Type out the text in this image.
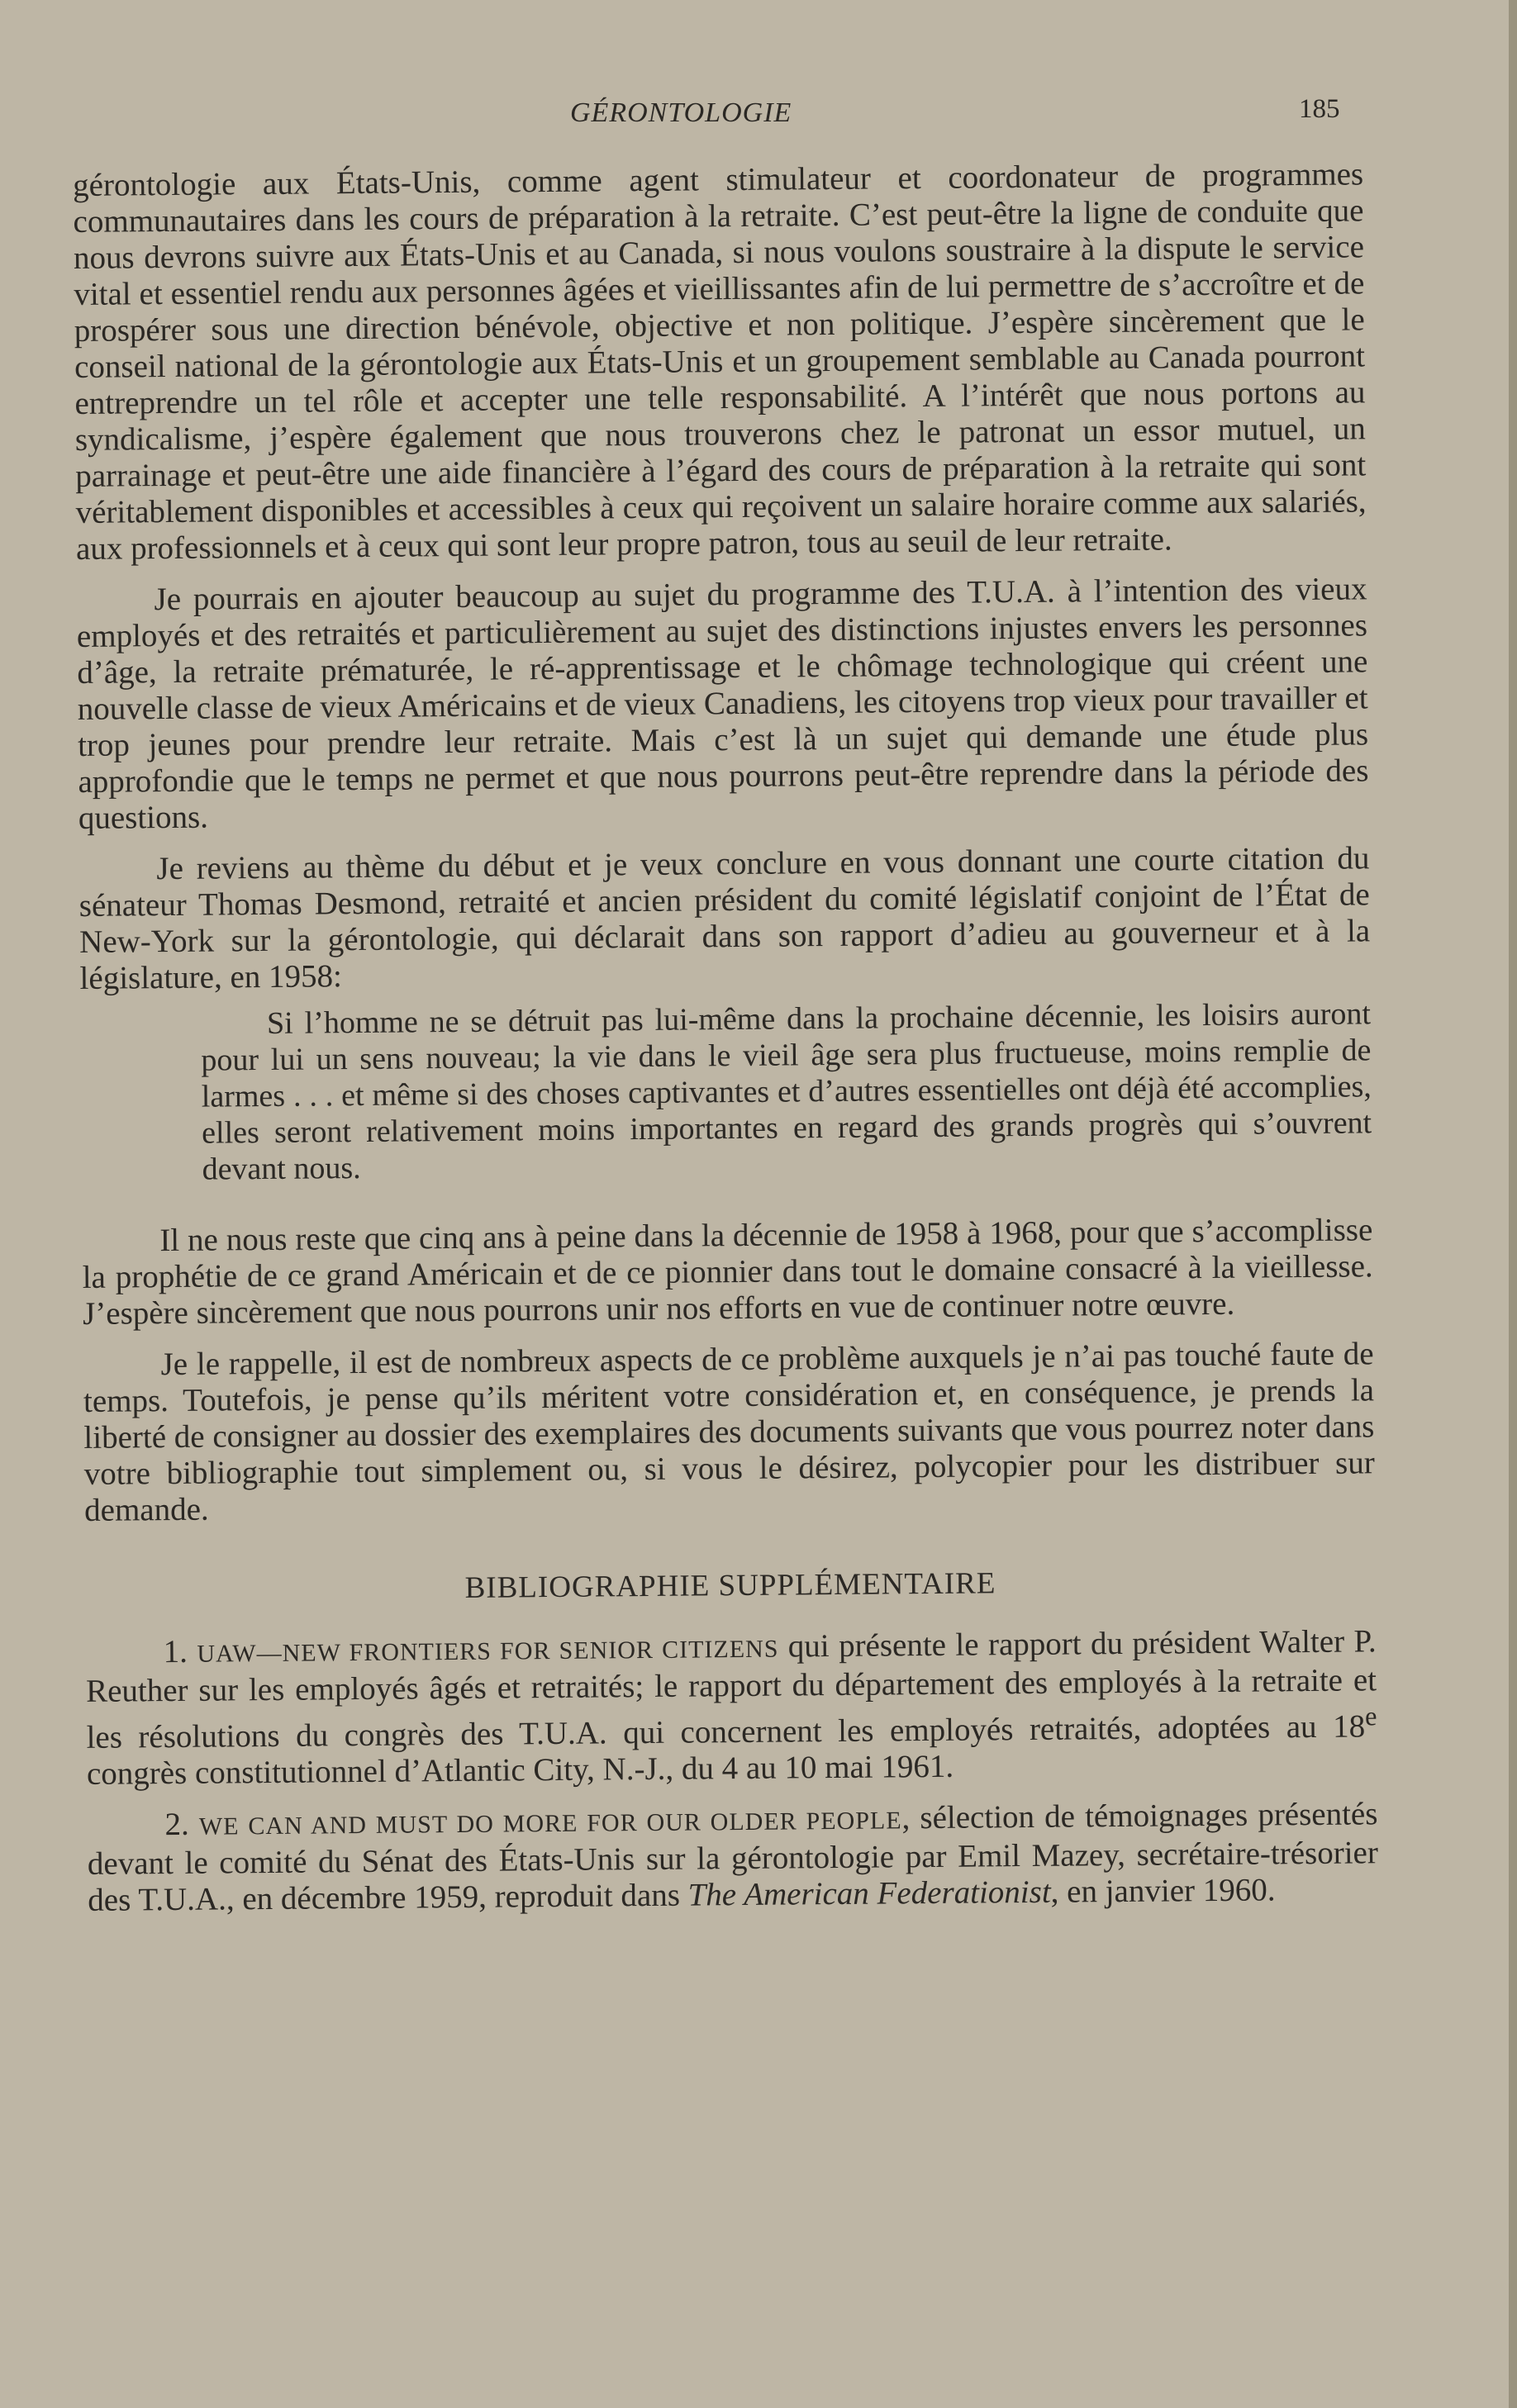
GÉRONTOLOGIE	185

gérontologie aux États-Unis, comme agent stimulateur et coordonateur de programmes communautaires dans les cours de préparation à la retraite. C’est peut-être la ligne de conduite que nous devrons suivre aux États-Unis et au Canada, si nous voulons soustraire à la dispute le service vital et essentiel rendu aux personnes âgées et vieillissantes afin de lui permettre de s’accroître et de prospérer sous une direction bénévole, objective et non politique. J’espère sincèrement que le conseil national de la gérontologie aux États-Unis et un groupement semblable au Canada pourront entreprendre un tel rôle et accepter une telle responsabilité. A l’intérêt que nous portons au syndicalisme, j’espère également que nous trouverons chez le patronat un essor mutuel, un parrainage et peut-être une aide financière à l’égard des cours de préparation à la retraite qui sont véritablement disponibles et accessibles à ceux qui reçoivent un salaire horaire comme aux salariés, aux professionnels et à ceux qui sont leur propre patron, tous au seuil de leur retraite.

Je pourrais en ajouter beaucoup au sujet du programme des T.U.A. à l’intention des vieux employés et des retraités et particulièrement au sujet des distinctions injustes envers les personnes d’âge, la retraite prématurée, le ré-apprentissage et le chômage technologique qui créent une nouvelle classe de vieux Américains et de vieux Canadiens, les citoyens trop vieux pour travailler et trop jeunes pour prendre leur retraite. Mais c’est là un sujet qui demande une étude plus approfondie que le temps ne permet et que nous pourrons peut-être reprendre dans la période des questions.

Je reviens au thème du début et je veux conclure en vous donnant une courte citation du sénateur Thomas Desmond, retraité et ancien président du comité législatif conjoint de l’État de New-York sur la gérontologie, qui déclarait dans son rapport d’adieu au gouverneur et à la législature, en 1958:

Si l’homme ne se détruit pas lui-même dans la prochaine décennie, les loisirs auront pour lui un sens nouveau; la vie dans le vieil âge sera plus fructueuse, moins remplie de larmes . . . et même si des choses captivantes et d’autres essentielles ont déjà été accomplies, elles seront relativement moins importantes en regard des grands progrès qui s’ouvrent devant nous.

Il ne nous reste que cinq ans à peine dans la décennie de 1958 à 1968, pour que s’accomplisse la prophétie de ce grand Américain et de ce pionnier dans tout le domaine consacré à la vieillesse. J’espère sincèrement que nous pourrons unir nos efforts en vue de continuer notre œuvre.

Je le rappelle, il est de nombreux aspects de ce problème auxquels je n’ai pas touché faute de temps. Toutefois, je pense qu’ils méritent votre considération et, en conséquence, je prends la liberté de consigner au dossier des exemplaires des documents suivants que vous pourrez noter dans votre bibliographie tout simplement ou, si vous le désirez, polycopier pour les distribuer sur demande.

BIBLIOGRAPHIE SUPPLÉMENTAIRE
1. UAW—NEW FRONTIERS FOR SENIOR CITIZENS qui présente le rapport du président Walter P. Reuther sur les employés âgés et retraités; le rapport du département des employés à la retraite et les résolutions du congrès des T.U.A. qui concernent les employés retraités, adoptées au 18e congrès constitutionnel d’Atlantic City, N.-J., du 4 au 10 mai 1961.
2. WE CAN AND MUST DO MORE FOR OUR OLDER PEOPLE, sélection de témoignages présentés devant le comité du Sénat des États-Unis sur la gérontologie par Emil Mazey, secrétaire-trésorier des T.U.A., en décembre 1959, reproduit dans The American Federationist, en janvier 1960.
